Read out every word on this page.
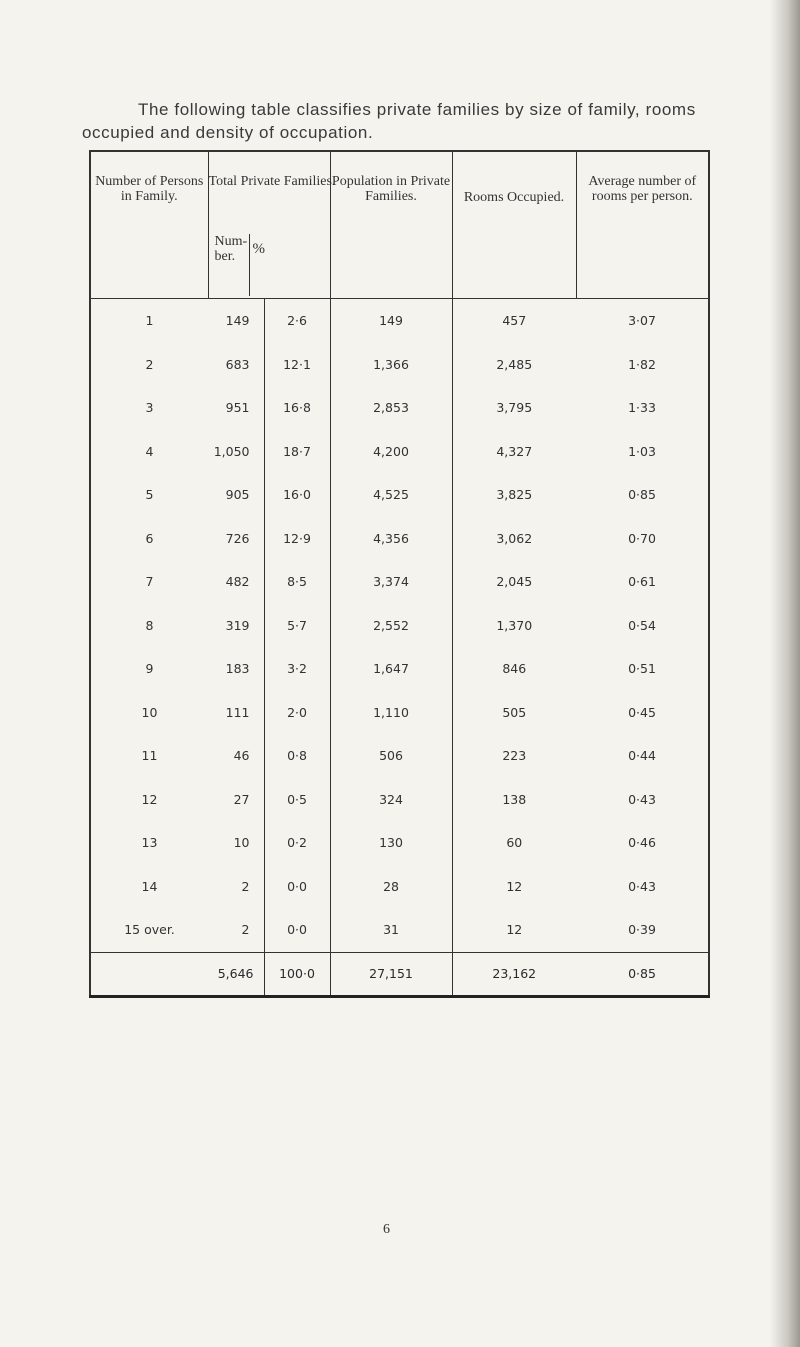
The following table classifies private families by size of family, rooms occupied and density of occupation.

Number of Persons in Family.	Total Private Families.
Num- ber. %		Population in Private Families.	Rooms Occupied.	Average number of rooms per person.

1	149	2·6	149	457	3·07
2	683	12·1	1,366	2,485	1·82
3	951	16·8	2,853	3,795	1·33
4	1,050	18·7	4,200	4,327	1·03
5	905	16·0	4,525	3,825	0·85
6	726	12·9	4,356	3,062	0·70
7	482	8·5	3,374	2,045	0·61
8	319	5·7	2,552	1,370	0·54
9	183	3·2	1,647	846	0·51
10	111	2·0	1,110	505	0·45
11	46	0·8	506	223	0·44
12	27	0·5	324	138	0·43
13	10	0·2	130	60	0·46
14	2	0·0	28	12	0·43
15 over.	2	0·0	31	12	0·39
	5,646	100·0	27,151	23,162	0·85
6
